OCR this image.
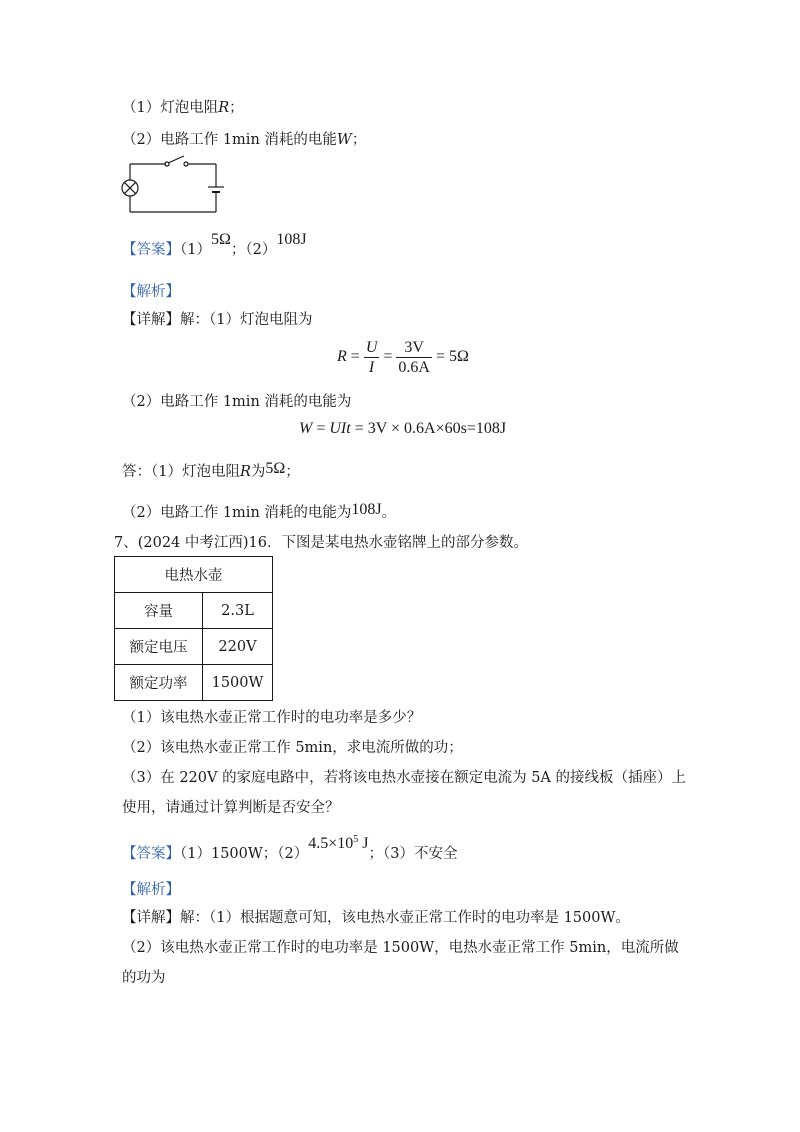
（1）灯泡电阻R；
（2）电路工作 1min 消耗的电能W；
【答案】（1）5Ω；（2）108J
【解析】
【详解】解：（1）灯泡电阻为
$R = \frac{U}{I} = \frac{3V}{0.6A} = 5\Omega$
（2）电路工作 1min 消耗的电能为
W = UIt = 3V × 0.6A×60s=108J
答：（1）灯泡电阻R为5Ω；
（2）电路工作 1min 消耗的电能为108J。
7、(2024 中考江西)16．下图是某电热水壶铭牌上的部分参数。
电热水壶	
容量	2.3L
额定电压	220V
额定功率	1500W
（1）该电热水壶正常工作时的电功率是多少？
（2）该电热水壶正常工作 5min，求电流所做的功；
（3）在 220V 的家庭电路中，若将该电热水壶接在额定电流为 5A 的接线板（插座）上
使用，请通过计算判断是否安全？
【答案】（1）1500W；$(2)4.5\times 10^5$ J；（3）不安全
【解析】
【详解】解：（1）根据题意可知，该电热水壶正常工作时的电功率是 1500W。
（2）该电热水壶正常工作时的电功率是 1500W，电热水壶正常工作 5min，电流所做
的功为
